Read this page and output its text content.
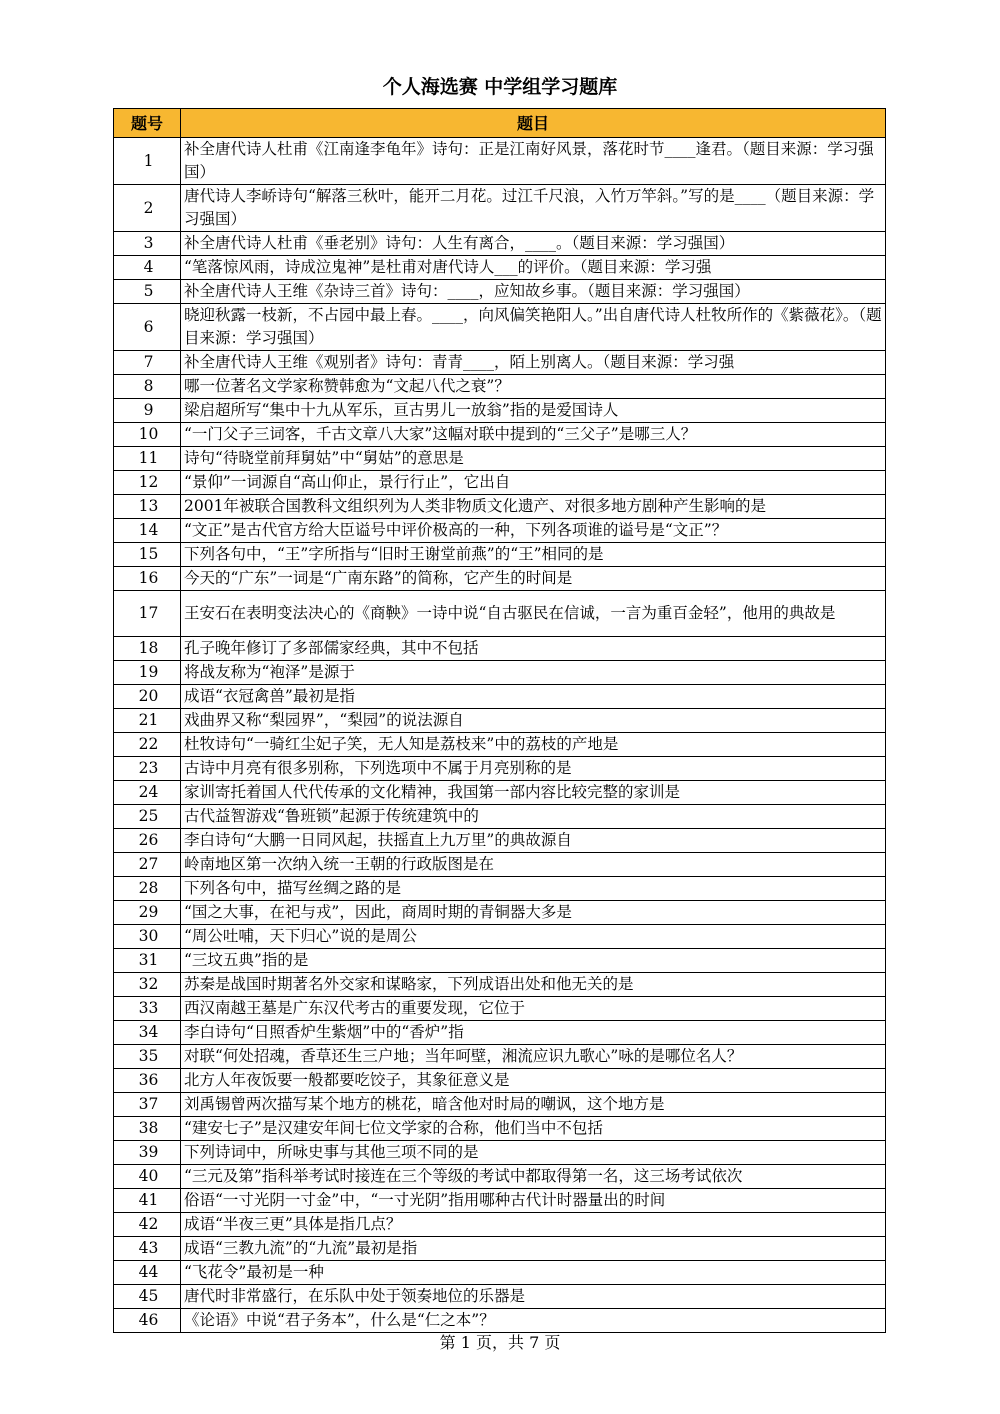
个人海选赛 中学组学习题库
题号	题目
1	补全唐代诗人杜甫《江南逢李龟年》诗句：正是江南好风景，落花时节____逢君。（题目来源：学习强国）
2	唐代诗人李峤诗句“解落三秋叶，能开二月花。过江千尺浪，入竹万竿斜。”写的是____（题目来源：学习强国）
3	补全唐代诗人杜甫《垂老别》诗句：人生有离合，____。（题目来源：学习强国）
4	“笔落惊风雨，诗成泣鬼神”是杜甫对唐代诗人___的评价。（题目来源：学习强
5	补全唐代诗人王维《杂诗三首》诗句：____，应知故乡事。（题目来源：学习强国）
6	晓迎秋露一枝新，不占园中最上春。____，向风偏笑艳阳人。”出自唐代诗人杜牧所作的《紫薇花》。（题目来源：学习强国）
7	补全唐代诗人王维《观别者》诗句：青青____，陌上别离人。（题目来源：学习强
8	哪一位著名文学家称赞韩愈为“文起八代之衰”？
9	梁启超所写“集中十九从军乐，亘古男儿一放翁”指的是爱国诗人
10	“一门父子三词客，千古文章八大家”这幅对联中提到的“三父子”是哪三人？
11	诗句“待晓堂前拜舅姑”中“舅姑”的意思是
12	“景仰”一词源自“高山仰止，景行行止”，它出自
13	2001年被联合国教科文组织列为人类非物质文化遗产、对很多地方剧种产生影响的是
14	“文正”是古代官方给大臣谥号中评价极高的一种，下列各项谁的谥号是“文正”？
15	下列各句中，“王”字所指与“旧时王谢堂前燕”的“王”相同的是
16	今天的“广东”一词是“广南东路”的简称，它产生的时间是
17	王安石在表明变法决心的《商鞅》一诗中说“自古驱民在信诚，一言为重百金轻”，他用的典故是
18	孔子晚年修订了多部儒家经典，其中不包括
19	将战友称为“袍泽”是源于
20	成语“衣冠禽兽”最初是指
21	戏曲界又称“梨园界”，“梨园”的说法源自
22	杜牧诗句“一骑红尘妃子笑，无人知是荔枝来”中的荔枝的产地是
23	古诗中月亮有很多别称，下列选项中不属于月亮别称的是
24	家训寄托着国人代代传承的文化精神，我国第一部内容比较完整的家训是
25	古代益智游戏“鲁班锁”起源于传统建筑中的
26	李白诗句“大鹏一日同风起，扶摇直上九万里”的典故源自
27	岭南地区第一次纳入统一王朝的行政版图是在
28	下列各句中，描写丝绸之路的是
29	“国之大事，在祀与戎”，因此，商周时期的青铜器大多是
30	“周公吐哺，天下归心”说的是周公
31	“三坟五典”指的是
32	苏秦是战国时期著名外交家和谋略家，下列成语出处和他无关的是
33	西汉南越王墓是广东汉代考古的重要发现，它位于
34	李白诗句“日照香炉生紫烟”中的“香炉”指
35	对联“何处招魂，香草还生三户地；当年呵壁，湘流应识九歌心”咏的是哪位名人？
36	北方人年夜饭要一般都要吃饺子，其象征意义是
37	刘禹锡曾两次描写某个地方的桃花，暗含他对时局的嘲讽，这个地方是
38	“建安七子”是汉建安年间七位文学家的合称，他们当中不包括
39	下列诗词中，所咏史事与其他三项不同的是
40	“三元及第”指科举考试时接连在三个等级的考试中都取得第一名，这三场考试依次
41	俗语“一寸光阴一寸金”中，“一寸光阴”指用哪种古代计时器量出的时间
42	成语“半夜三更”具体是指几点？
43	成语“三教九流”的“九流”最初是指
44	“飞花令”最初是一种
45	唐代时非常盛行，在乐队中处于领奏地位的乐器是
46	《论语》中说“君子务本”，什么是“仁之本”？
第 1 页，共 7 页
